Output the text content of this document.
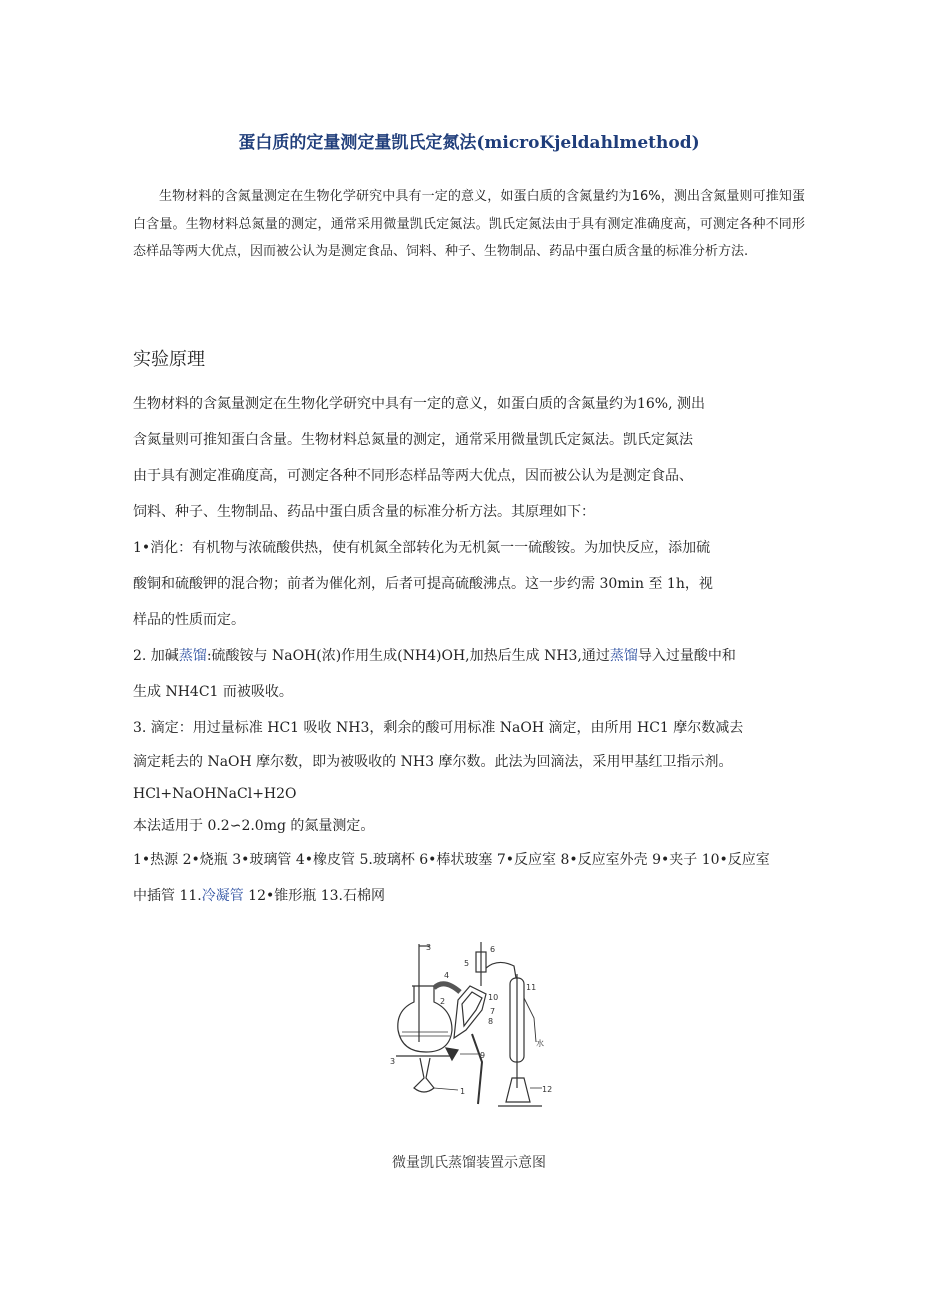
蛋白质的定量测定量凯氏定氮法(microKjeldahlmethod)

生物材料的含氮量测定在生物化学研究中具有一定的意义，如蛋白质的含氮量约为16%，测出含氮量则可推知蛋白含量。生物材料总氮量的测定，通常采用微量凯氏定氮法。凯氏定氮法由于具有测定准确度高，可测定各种不同形态样品等两大优点，因而被公认为是测定食品、饲料、种子、生物制品、药品中蛋白质含量的标准分析方法.

实验原理

生物材料的含氮量测定在生物化学研究中具有一定的意义，如蛋白质的含氮量约为16%, 测出

含氮量则可推知蛋白含量。生物材料总氮量的测定，通常采用微量凯氏定氮法。凯氏定氮法

由于具有测定准确度高，可测定各种不同形态样品等两大优点，因而被公认为是测定食品、

饲料、种子、生物制品、药品中蛋白质含量的标准分析方法。其原理如下：

1•消化：有机物与浓硫酸供热，使有机氮全部转化为无机氮一一硫酸铵。为加快反应，添加硫

酸铜和硫酸钾的混合物；前者为催化剂，后者可提高硫酸沸点。这一步约需 30min 至 1h，视

样品的性质而定。

2. 加碱蒸馏:硫酸铵与 NaOH(浓)作用生成(NH4)OH,加热后生成 NH3,通过蒸馏导入过量酸中和

生成 NH4C1 而被吸收。

3. 滴定：用过量标准 HC1 吸收 NH3，剩余的酸可用标准 NaOH 滴定，由所用 HC1 摩尔数减去

滴定耗去的 NaOH 摩尔数，即为被吸收的 NH3 摩尔数。此法为回滴法，采用甲基红卫指示剂。

HCl+NaOHNaCl+H2O

本法适用于 0.2∽2.0mg 的氮量测定。

1•热源 2•烧瓶 3•玻璃管 4•橡皮管 5.玻璃杯 6•棒状玻塞 7•反应室 8•反应室外壳 9•夹子 10•反应室

中插管 11.冷凝管 12•锥形瓶 13.石棉网

3
5
6
4
2	10
7
8
11
水
9
3
1	12
微量凯氏蒸馏装置示意图
